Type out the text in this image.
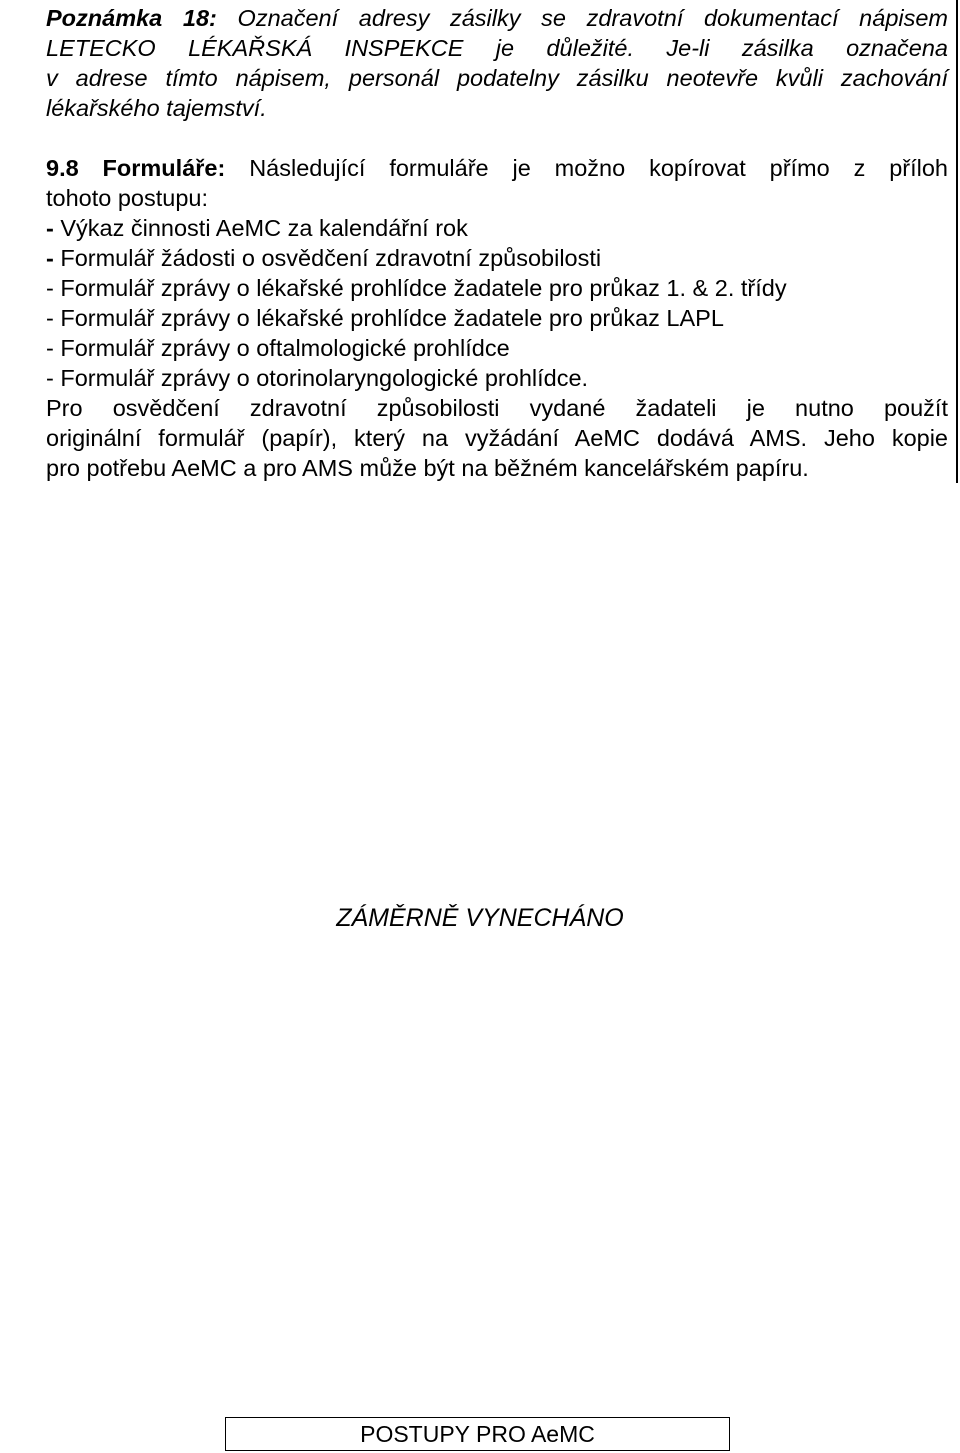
Poznámka 18: Označení adresy zásilky se zdravotní dokumentací nápisem
LETECKO LÉKAŘSKÁ INSPEKCE je důležité. Je-li zásilka označena
v adrese tímto nápisem, personál podatelny zásilku neotevře kvůli zachování
lékařského tajemství.
9.8 Formuláře: Následující formuláře je možno kopírovat přímo z příloh
tohoto postupu:
- Výkaz činnosti AeMC za kalendářní rok
- Formulář žádosti o osvědčení zdravotní způsobilosti
- Formulář zprávy o lékařské prohlídce žadatele pro průkaz 1. & 2. třídy
- Formulář zprávy o lékařské prohlídce žadatele pro průkaz LAPL
- Formulář zprávy o oftalmologické prohlídce
- Formulář zprávy o otorinolaryngologické prohlídce.
Pro osvědčení zdravotní způsobilosti vydané žadateli je nutno použít
originální formulář (papír), který na vyžádání AeMC dodává AMS. Jeho kopie
pro potřebu AeMC a pro AMS může být na běžném kancelářském papíru.
ZÁMĚRNĚ VYNECHÁNO
POSTUPY PRO AeMC
